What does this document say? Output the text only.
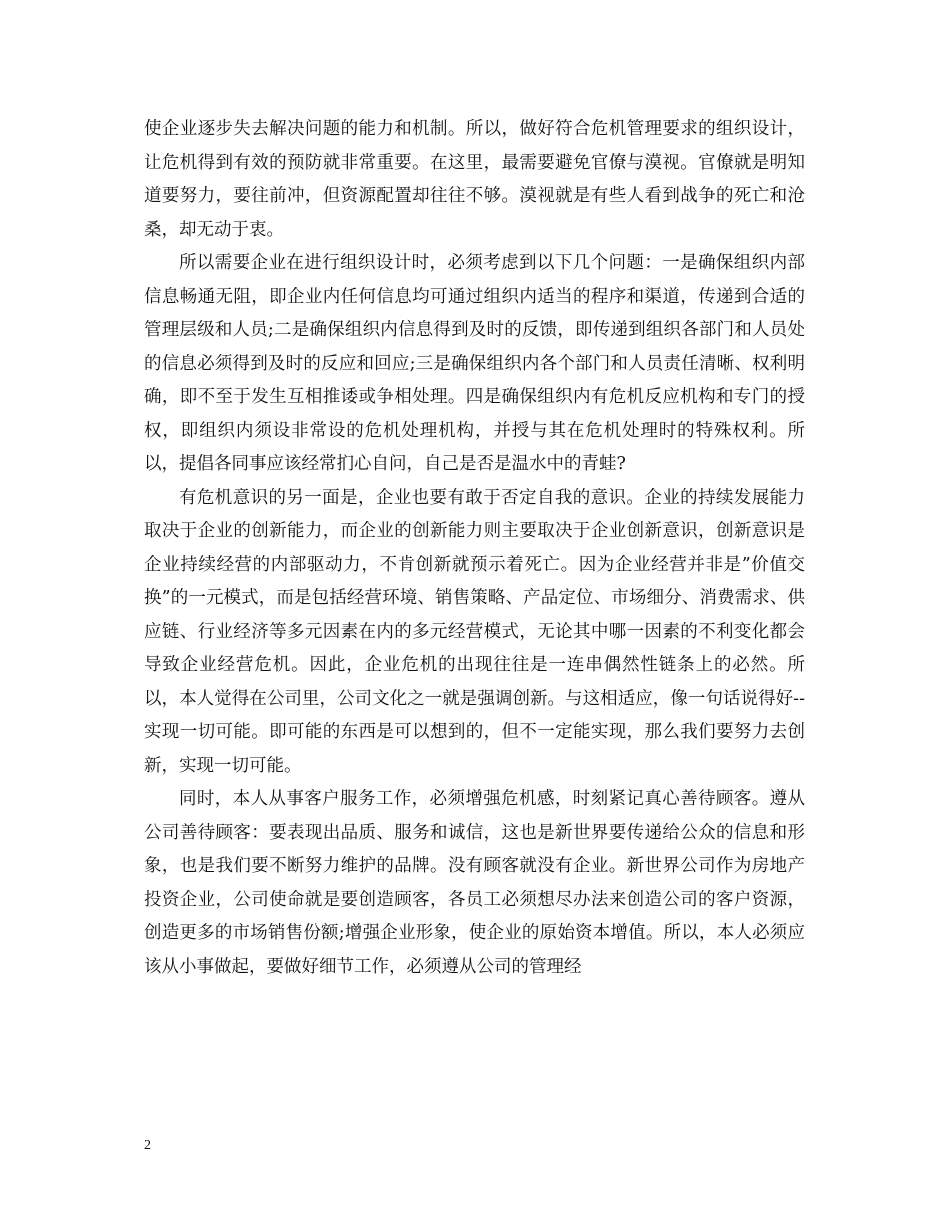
使企业逐步失去解决问题的能力和机制。所以，做好符合危机管理要求的组织设计，让危机得到有效的预防就非常重要。在这里，最需要避免官僚与漠视。官僚就是明知道要努力，要往前冲，但资源配置却往往不够。漠视就是有些人看到战争的死亡和沧桑，却无动于衷。

所以需要企业在进行组织设计时，必须考虑到以下几个问题：一是确保组织内部信息畅通无阻，即企业内任何信息均可通过组织内适当的程序和渠道，传递到合适的管理层级和人员;二是确保组织内信息得到及时的反馈，即传递到组织各部门和人员处的信息必须得到及时的反应和回应;三是确保组织内各个部门和人员责任清晰、权利明确，即不至于发生互相推诿或争相处理。四是确保组织内有危机反应机构和专门的授权，即组织内须设非常设的危机处理机构，并授与其在危机处理时的特殊权利。所以，提倡各同事应该经常扪心自问，自己是否是温水中的青蛙?

有危机意识的另一面是，企业也要有敢于否定自我的意识。企业的持续发展能力取决于企业的创新能力，而企业的创新能力则主要取决于企业创新意识，创新意识是企业持续经营的内部驱动力，不肯创新就预示着死亡。因为企业经营并非是”价值交换”的一元模式，而是包括经营环境、销售策略、产品定位、市场细分、消费需求、供应链、行业经济等多元因素在内的多元经营模式，无论其中哪一因素的不利变化都会导致企业经营危机。因此，企业危机的出现往往是一连串偶然性链条上的必然。所以，本人觉得在公司里，公司文化之一就是强调创新。与这相适应，像一句话说得好--实现一切可能。即可能的东西是可以想到的，但不一定能实现，那么我们要努力去创新，实现一切可能。

同时，本人从事客户服务工作，必须增强危机感，时刻紧记真心善待顾客。遵从公司善待顾客：要表现出品质、服务和诚信，这也是新世界要传递给公众的信息和形象，也是我们要不断努力维护的品牌。没有顾客就没有企业。新世界公司作为房地产投资企业，公司使命就是要创造顾客，各员工必须想尽办法来创造公司的客户资源，创造更多的市场销售份额;增强企业形象，使企业的原始资本增值。所以，本人必须应该从小事做起，要做好细节工作，必须遵从公司的管理经

2
